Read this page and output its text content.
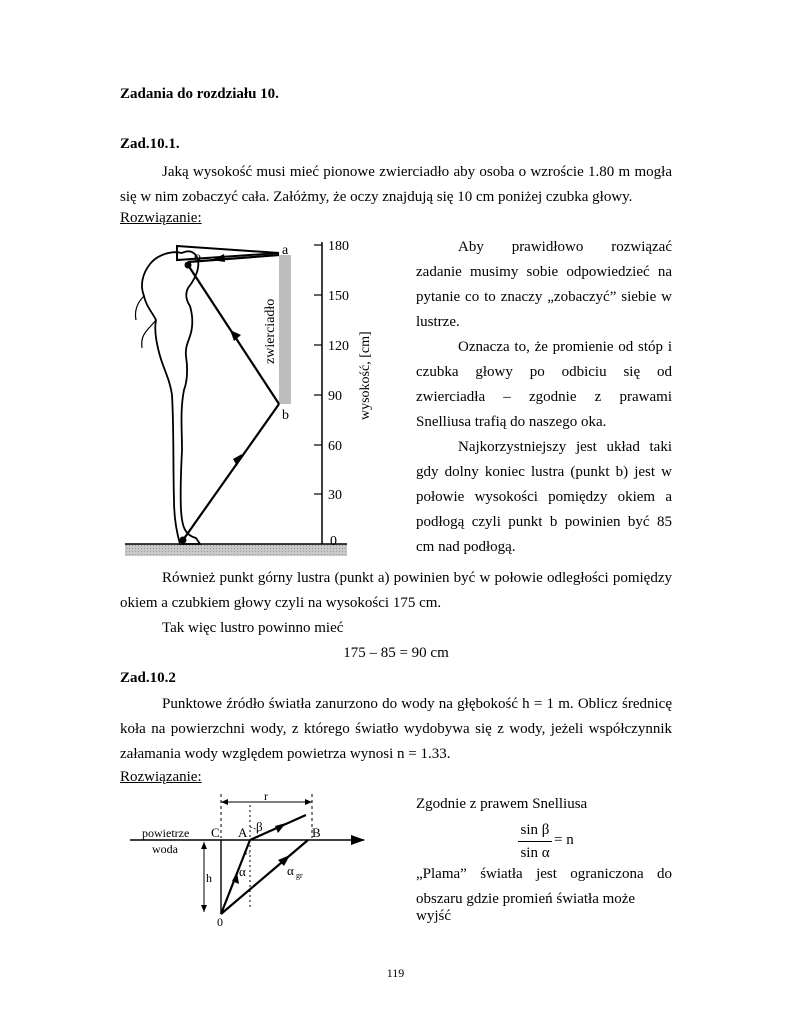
Zadania do rozdziału 10.
Zad.10.1.
Jaką wysokość musi mieć pionowe zwierciadło aby osoba o wzroście 1.80 m mogła się w nim zobaczyć cała. Załóżmy, że oczy znajdują się 10 cm poniżej czubka głowy.
Rozwiązanie:
a
b
o
zwierciadło
180
150
120
90
60
30
0
wysokość, [cm]
Aby prawidłowo rozwiązać zadanie musimy sobie odpowiedzieć na pytanie co to znaczy „zobaczyć” siebie w lustrze.
Oznacza to, że promienie od stóp i czubka głowy po odbiciu się od zwierciadła – zgodnie z prawami Snelliusa trafią do naszego oka.
Najkorzystniejszy jest układ taki gdy dolny koniec lustra (punkt b) jest w połowie wysokości pomiędzy okiem a podłogą czyli punkt b powinien być 85 cm nad podłogą.
Również punkt górny lustra (punkt a) powinien być w połowie odległości pomiędzy okiem a czubkiem głowy czyli na wysokości 175 cm.
Tak więc lustro powinno mieć
175 – 85 = 90 cm
Zad.10.2
Punktowe źródło światła zanurzono do wody na głębokość h = 1 m. Oblicz średnicę koła na powierzchni wody, z którego światło wydobywa się z wody, jeżeli współczynnik załamania wody względem powietrza wynosi n = 1.33.
Rozwiązanie:
r
h
powietrze
woda
C A	B
0
α
β
α gr
Zgodnie z prawem Snelliusa
sin β
sin α
= n
„Plama” światła jest ograniczona do
obszaru gdzie promień światła może wyjść
119
